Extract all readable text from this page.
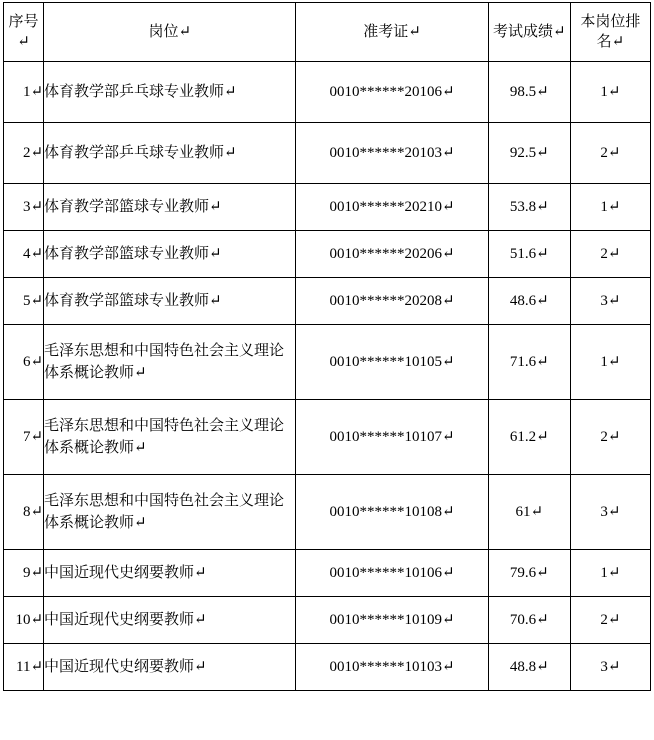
序号↵	岗位↵	准考证↵	考试成绩↵	本岗位排名↵

1↵	体育教学部乒乓球专业教师↵	0010******20106↵	98.5↵	1↵
2↵	体育教学部乒乓球专业教师↵	0010******20103↵	92.5↵	2↵
3↵	体育教学部篮球专业教师↵	0010******20210↵	53.8↵	1↵
4↵	体育教学部篮球专业教师↵	0010******20206↵	51.6↵	2↵
5↵	体育教学部篮球专业教师↵	0010******20208↵	48.6↵	3↵
6↵	毛泽东思想和中国特色社会主义理论体系概论教师↵	0010******10105↵	71.6↵	1↵
7↵	毛泽东思想和中国特色社会主义理论体系概论教师↵	0010******10107↵	61.2↵	2↵
8↵	毛泽东思想和中国特色社会主义理论体系概论教师↵	0010******10108↵	61↵	3↵
9↵	中国近现代史纲要教师↵	0010******10106↵	79.6↵	1↵
10↵	中国近现代史纲要教师↵	0010******10109↵	70.6↵	2↵
11↵	中国近现代史纲要教师↵	0010******10103↵	48.8↵	3↵
